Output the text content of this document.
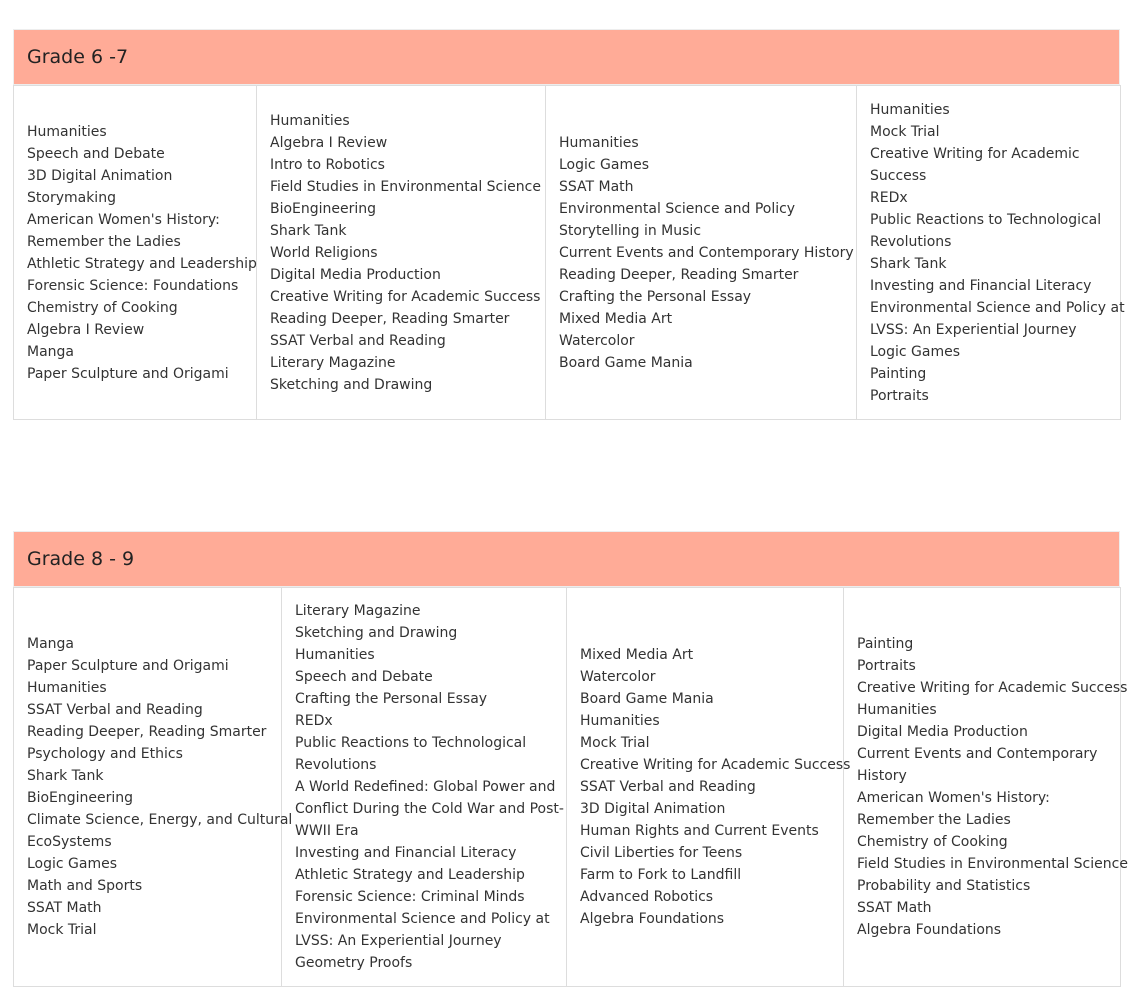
Grade 6 -7
Humanities
Speech and Debate
3D Digital Animation
Storymaking
American Women's History:
Remember the Ladies
Athletic Strategy and Leadership
Forensic Science: Foundations
Chemistry of Cooking
Algebra I Review
Manga
Paper Sculpture and Origami

Humanities
Algebra I Review
Intro to Robotics
Field Studies in Environmental Science
BioEngineering
Shark Tank
World Religions
Digital Media Production
Creative Writing for Academic Success
Reading Deeper, Reading Smarter
SSAT Verbal and Reading
Literary Magazine
Sketching and Drawing

Humanities
Logic Games
SSAT Math
Environmental Science and Policy
Storytelling in Music
Current Events and Contemporary History
Reading Deeper, Reading Smarter
Crafting the Personal Essay
Mixed Media Art
Watercolor
Board Game Mania

Humanities
Mock Trial
Creative Writing for Academic
Success
REDx
Public Reactions to Technological
Revolutions
Shark Tank
Investing and Financial Literacy
Environmental Science and Policy at
LVSS: An Experiential Journey
Logic Games
Painting
Portraits
Grade 8 - 9
Manga
Paper Sculpture and Origami
Humanities
SSAT Verbal and Reading
Reading Deeper, Reading Smarter
Psychology and Ethics
Shark Tank
BioEngineering
Climate Science, Energy, and Cultural
EcoSystems
Logic Games
Math and Sports
SSAT Math
Mock Trial

Literary Magazine
Sketching and Drawing
Humanities
Speech and Debate
Crafting the Personal Essay
REDx
Public Reactions to Technological
Revolutions
A World Redefined: Global Power and
Conflict During the Cold War and Post-
WWII Era
Investing and Financial Literacy
Athletic Strategy and Leadership
Forensic Science: Criminal Minds
Environmental Science and Policy at
LVSS: An Experiential Journey
Geometry Proofs

Mixed Media Art
Watercolor
Board Game Mania
Humanities
Mock Trial
Creative Writing for Academic Success
SSAT Verbal and Reading
3D Digital Animation
Human Rights and Current Events
Civil Liberties for Teens
Farm to Fork to Landfill
Advanced Robotics
Algebra Foundations

Painting
Portraits
Creative Writing for Academic Success
Humanities
Digital Media Production
Current Events and Contemporary
History
American Women's History:
Remember the Ladies
Chemistry of Cooking
Field Studies in Environmental Science
Probability and Statistics
SSAT Math
Algebra Foundations
